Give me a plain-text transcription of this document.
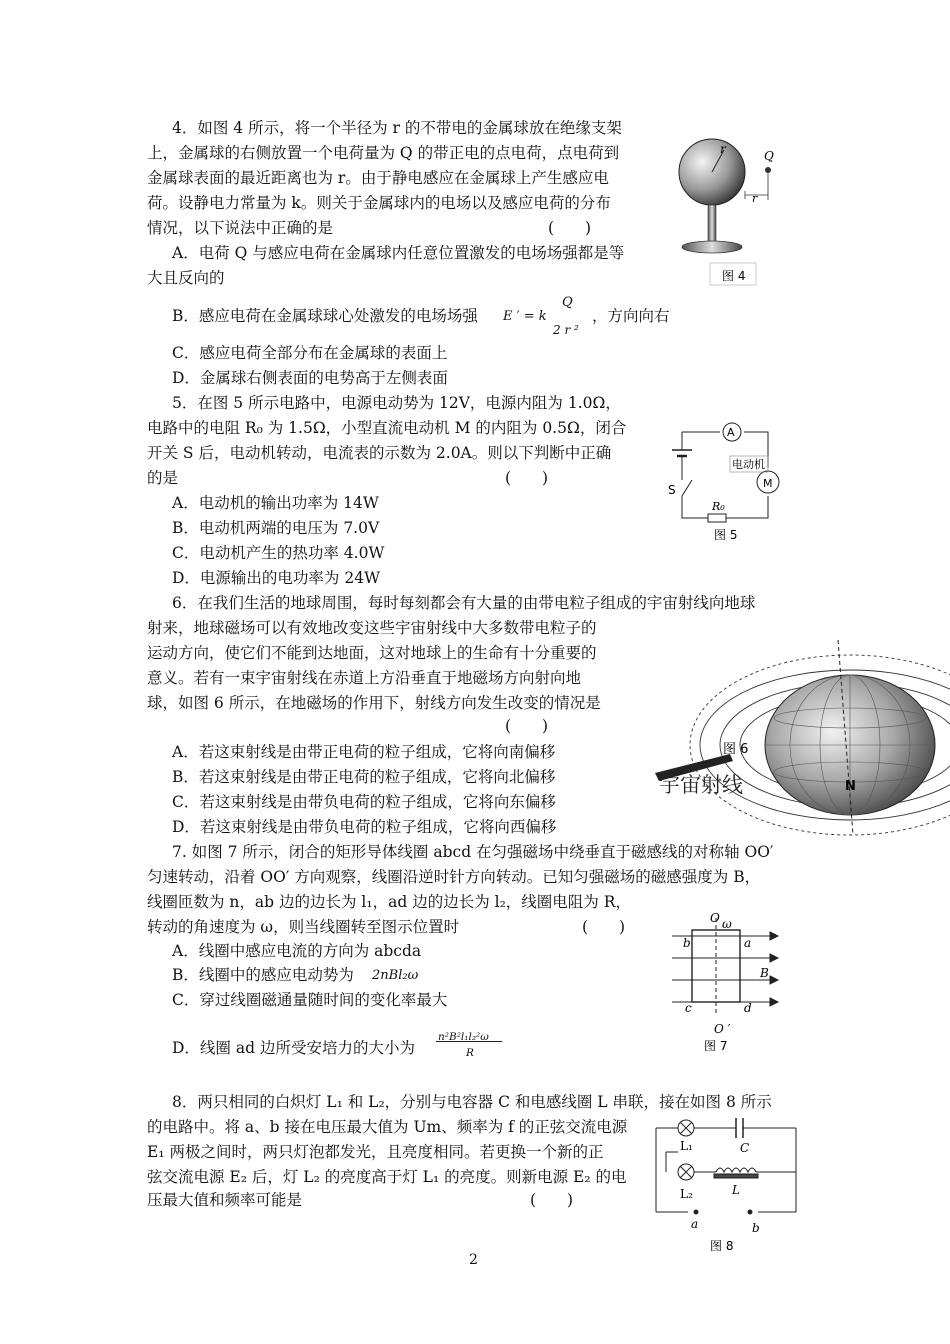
4．如图 4 所示，将一个半径为 r 的不带电的金属球放在绝缘支架
上，金属球的右侧放置一个电荷量为 Q 的带正电的点电荷，点电荷到
金属球表面的最近距离也为 r。由于静电感应在金属球上产生感应电
荷。设静电力常量为 k。则关于金属球内的电场以及感应电荷的分布
情况，以下说法中正确的是	(　　)
A．电荷 Q 与感应电荷在金属球内任意位置激发的电场场强都是等
大且反向的
B．感应电荷在金属球球心处激发的电场场强 E ′ = k
Q
2 r ²
，方向向右
C．感应电荷全部分布在金属球的表面上
D．金属球右侧表面的电势高于左侧表面
r	Q
r
图 4
5．在图 5 所示电路中，电源电动势为 12V，电源内阻为 1.0Ω，
电路中的电阻 R₀ 为 1.5Ω，小型直流电动机 M 的内阻为 0.5Ω，闭合
开关 S 后，电动机转动，电流表的示数为 2.0A。则以下判断中正确
的是	(　　)
A．电动机的输出功率为 14W
B．电动机两端的电压为 7.0V
C．电动机产生的热功率 4.0W
D．电源输出的电功率为 24W
A
电动机
M
S
R₀
图 5
6．在我们生活的地球周围，每时每刻都会有大量的由带电粒子组成的宇宙射线向地球
射来，地球磁场可以有效地改变这些宇宙射线中大多数带电粒子的
运动方向，使它们不能到达地面，这对地球上的生命有十分重要的
意义。若有一束宇宙射线在赤道上方沿垂直于地磁场方向射向地
球，如图 6 所示，在地磁场的作用下，射线方向发生改变的情况是
(　　)
A．若这束射线是由带正电荷的粒子组成，它将向南偏移
B．若这束射线是由带正电荷的粒子组成，它将向北偏移
C．若这束射线是由带负电荷的粒子组成，它将向东偏移
D．若这束射线是由带负电荷的粒子组成，它将向西偏移
N
图 6
宇宙射线
7. 如图 7 所示，闭合的矩形导体线圈 abcd 在匀强磁场中绕垂直于磁感线的对称轴 OO′
匀速转动，沿着 OO′ 方向观察，线圈沿逆时针方向转动。已知匀强磁场的磁感强度为 B，
线圈匝数为 n，ab 边的边长为 l₁，ad 边的边长为 l₂，线圈电阻为 R，
转动的角速度为 ω，则当线圈转至图示位置时	(　　)
A．线圈中感应电流的方向为 abcda
B．线圈中的感应电动势为 2nBl₂ω
C．穿过线圈磁通量随时间的变化率最大
D．线圈 ad 边所受安培力的大小为
n²B²l₁l₂²ω
R
O ω
b	a
B
c	d
O ′
图 7
8．两只相同的白炽灯 L₁ 和 L₂，分别与电容器 C 和电感线圈 L 串联，接在如图 8 所示
的电路中。将 a、b 接在电压最大值为 Um、频率为 f 的正弦交流电源
E₁ 两极之间时，两只灯泡都发光，且亮度相同。若更换一个新的正
弦交流电源 E₂ 后，灯 L₂ 的亮度高于灯 L₁ 的亮度。则新电源 E₂ 的电
压最大值和频率可能是	(　　)
L₁	C
L₂	L
a	b
图 8
2
